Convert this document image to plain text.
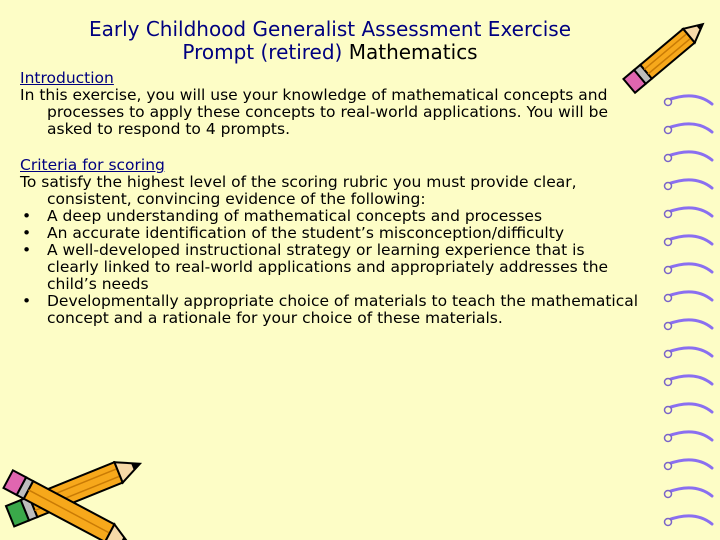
Early Childhood Generalist Assessment Exercise
Prompt (retired) Mathematics

Introduction

In this exercise, you will use your knowledge of mathematical concepts and processes to apply these concepts to real-world applications. You will be asked to respond to 4 prompts.

Criteria for scoring

To satisfy the highest level of the scoring rubric you must provide clear, consistent, convincing evidence of the following:

• A deep understanding of mathematical concepts and processes
• An accurate identification of the student’s misconception/difficulty
• A well-developed instructional strategy or learning experience that is clearly linked to real-world applications and appropriately addresses the child’s needs
• Developmentally appropriate choice of materials to teach the mathematical concept and a rationale for your choice of these materials.
